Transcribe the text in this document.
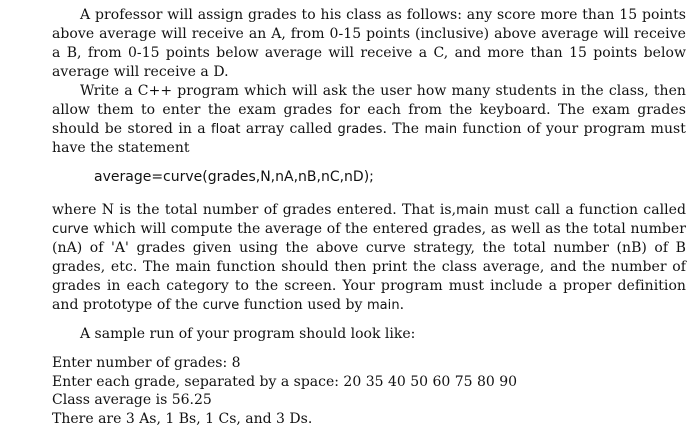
A professor will assign grades to his class as follows: any score more than 15 points above average will receive an A, from 0-15 points (inclusive) above average will receive a B, from 0-15 points below average will receive a C, and more than 15 points below average will receive a D.

Write a C++ program which will ask the user how many students in the class, then allow them to enter the exam grades for each from the keyboard. The exam grades should be stored in a float array called grades. The main function of your program must have the statement

average=curve(grades,N,nA,nB,nC,nD);

where N is the total number of grades entered. That is,main must call a function called curve which will compute the average of the entered grades, as well as the total number (nA) of 'A' grades given using the above curve strategy, the total number (nB) of B grades, etc. The main function should then print the class average, and the number of grades in each category to the screen. Your program must include a proper definition and prototype of the curve function used by main.

A sample run of your program should look like:

Enter number of grades: 8

Enter each grade, separated by a space: 20 35 40 50 60 75 80 90

Class average is 56.25

There are 3 As, 1 Bs, 1 Cs, and 3 Ds.
